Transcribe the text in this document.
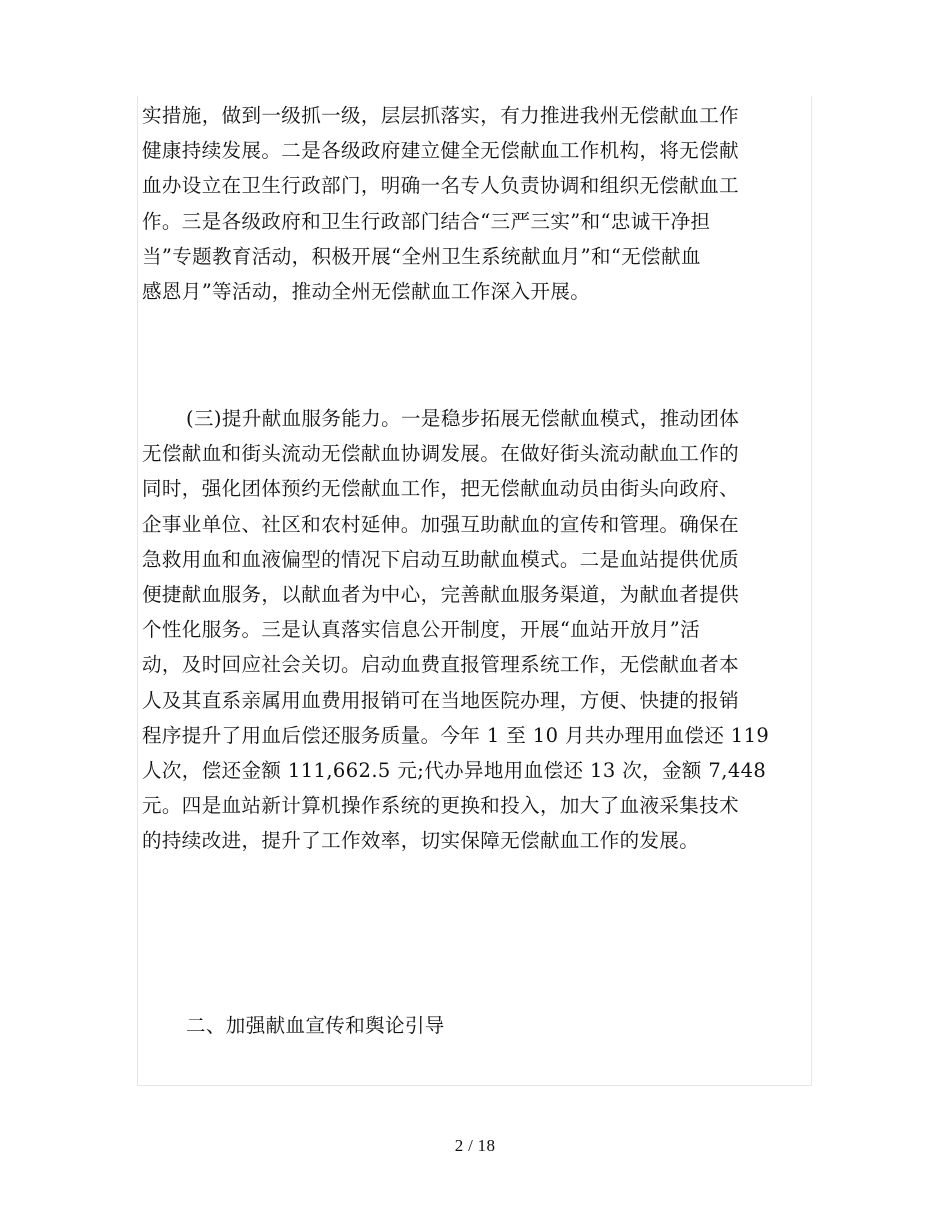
实措施，做到一级抓一级，层层抓落实，有力推进我州无偿献血工作
健康持续发展。二是各级政府建立健全无偿献血工作机构，将无偿献
血办设立在卫生行政部门，明确一名专人负责协调和组织无偿献血工
作。三是各级政府和卫生行政部门结合“三严三实”和“忠诚干净担
当”专题教育活动，积极开展“全州卫生系统献血月”和“无偿献血
感恩月”等活动，推动全州无偿献血工作深入开展。
(三)提升献血服务能力。一是稳步拓展无偿献血模式，推动团体
无偿献血和街头流动无偿献血协调发展。在做好街头流动献血工作的
同时，强化团体预约无偿献血工作，把无偿献血动员由街头向政府、
企事业单位、社区和农村延伸。加强互助献血的宣传和管理。确保在
急救用血和血液偏型的情况下启动互助献血模式。二是血站提供优质
便捷献血服务，以献血者为中心，完善献血服务渠道，为献血者提供
个性化服务。三是认真落实信息公开制度，开展“血站开放月”活
动，及时回应社会关切。启动血费直报管理系统工作，无偿献血者本
人及其直系亲属用血费用报销可在当地医院办理，方便、快捷的报销
程序提升了用血后偿还服务质量。今年 1 至 10 月共办理用血偿还 119
人次，偿还金额 111,662.5 元;代办异地用血偿还 13 次，金额 7,448
元。四是血站新计算机操作系统的更换和投入，加大了血液采集技术
的持续改进，提升了工作效率，切实保障无偿献血工作的发展。
二、加强献血宣传和舆论引导
2 / 18
